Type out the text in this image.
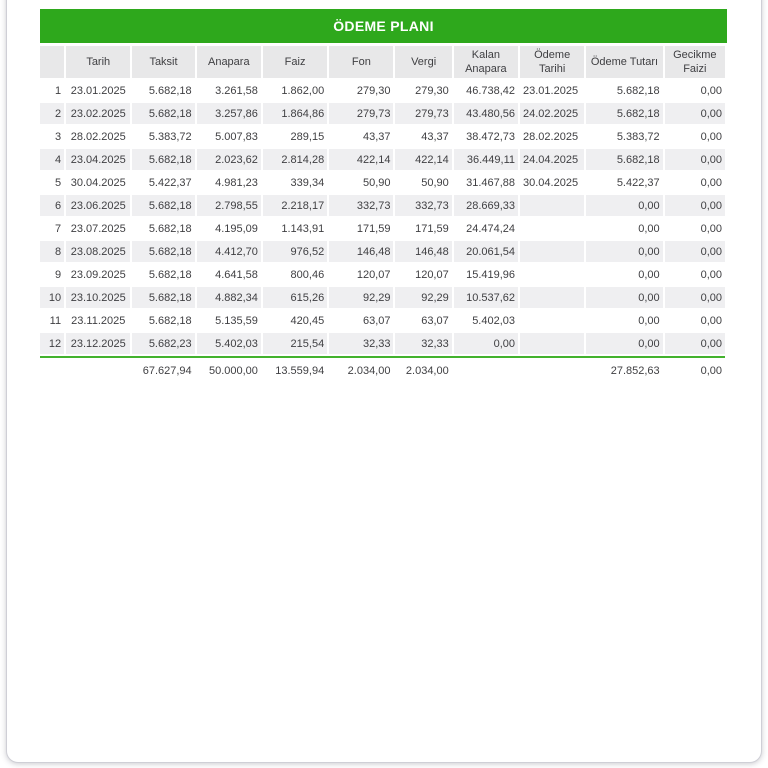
ÖDEME PLANI
	Tarih	Taksit	Anapara	Faiz	Fon	Vergi	Kalan Anapara	Ödeme Tarihi	Ödeme Tutarı	Gecikme Faizi
1	23.01.2025	5.682,18	3.261,58	1.862,00	279,30	279,30	46.738,42	23.01.2025	5.682,18	0,00
2	23.02.2025	5.682,18	3.257,86	1.864,86	279,73	279,73	43.480,56	24.02.2025	5.682,18	0,00
3	28.02.2025	5.383,72	5.007,83	289,15	43,37	43,37	38.472,73	28.02.2025	5.383,72	0,00
4	23.04.2025	5.682,18	2.023,62	2.814,28	422,14	422,14	36.449,11	24.04.2025	5.682,18	0,00
5	30.04.2025	5.422,37	4.981,23	339,34	50,90	50,90	31.467,88	30.04.2025	5.422,37	0,00
6	23.06.2025	5.682,18	2.798,55	2.218,17	332,73	332,73	28.669,33		0,00	0,00
7	23.07.2025	5.682,18	4.195,09	1.143,91	171,59	171,59	24.474,24		0,00	0,00
8	23.08.2025	5.682,18	4.412,70	976,52	146,48	146,48	20.061,54		0,00	0,00
9	23.09.2025	5.682,18	4.641,58	800,46	120,07	120,07	15.419,96		0,00	0,00
10	23.10.2025	5.682,18	4.882,34	615,26	92,29	92,29	10.537,62		0,00	0,00
11	23.11.2025	5.682,18	5.135,59	420,45	63,07	63,07	5.402,03		0,00	0,00
12	23.12.2025	5.682,23	5.402,03	215,54	32,33	32,33	0,00		0,00	0,00

		67.627,94	50.000,00	13.559,94	2.034,00	2.034,00			27.852,63	0,00
